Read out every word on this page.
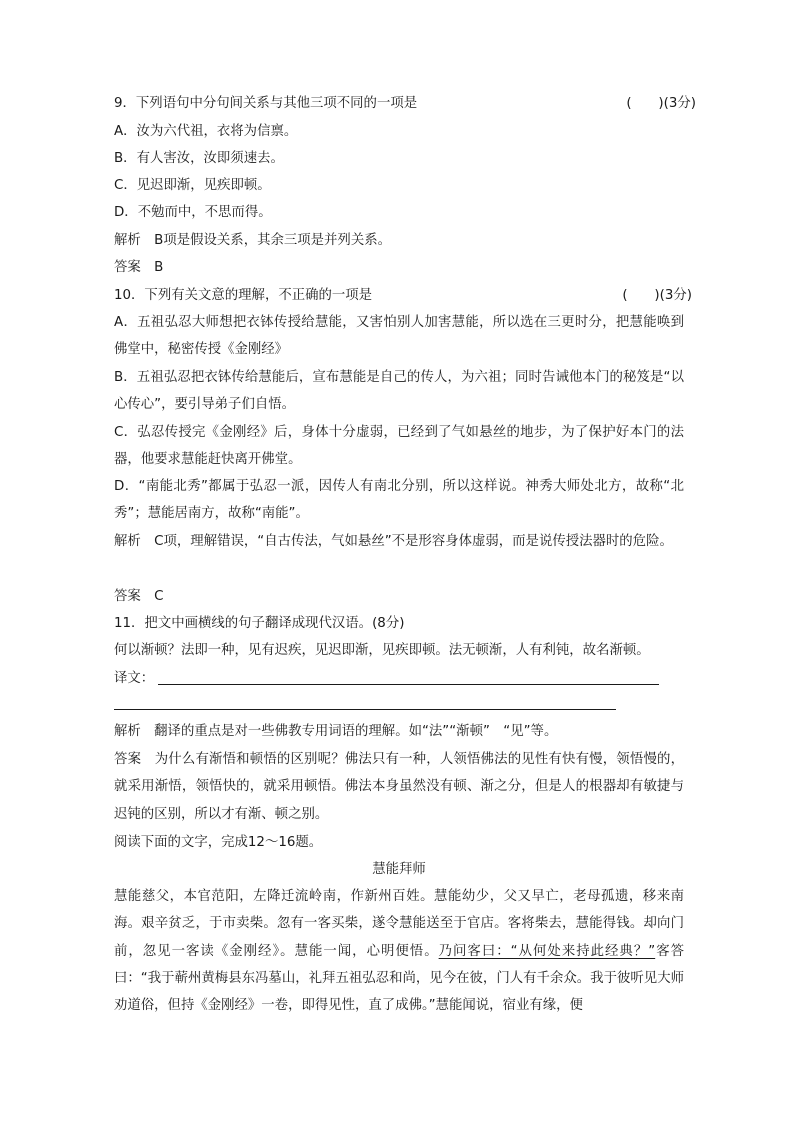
9．下列语句中分句间关系与其他三项不同的一项是	(　　)(3分)
A．汝为六代祖，衣将为信禀。
B．有人害汝，汝即须速去。
C．见迟即渐，见疾即顿。
D．不勉而中，不思而得。
解析　B项是假设关系，其余三项是并列关系。
答案　B
10．下列有关文意的理解，不正确的一项是	(　　)(3分)
A．五祖弘忍大师想把衣钵传授给慧能，又害怕别人加害慧能，所以选在三更时分，把慧能唤到佛堂中，秘密传授《金刚经》
B．五祖弘忍把衣钵传给慧能后，宣布慧能是自己的传人，为六祖；同时告诫他本门的秘笈是“以心传心”，要引导弟子们自悟。
C．弘忍传授完《金刚经》后，身体十分虚弱，已经到了气如悬丝的地步，为了保护好本门的法器，他要求慧能赶快离开佛堂。
D．“南能北秀”都属于弘忍一派，因传人有南北分别，所以这样说。神秀大师处北方，故称“北秀”；慧能居南方，故称“南能”。
解析　C项，理解错误，“自古传法，气如悬丝”不是形容身体虚弱，而是说传授法器时的危险。
答案　C
11．把文中画横线的句子翻译成现代汉语。(8分)
何以渐顿？法即一种，见有迟疾，见迟即渐，见疾即顿。法无顿渐，人有利钝，故名渐顿。
译文：
解析　翻译的重点是对一些佛教专用词语的理解。如“法”“渐顿”　“见”等。
答案　为什么有渐悟和顿悟的区别呢？佛法只有一种，人领悟佛法的见性有快有慢，领悟慢的，就采用渐悟，领悟快的，就采用顿悟。佛法本身虽然没有顿、渐之分，但是人的根器却有敏捷与迟钝的区别，所以才有渐、顿之别。
阅读下面的文字，完成12～16题。
慧能拜师
慧能慈父，本官范阳，左降迁流岭南，作新州百姓。慧能幼少，父又早亡，老母孤遗，移来南海。艰辛贫乏，于市卖柴。忽有一客买柴，遂令慧能送至于官店。客将柴去，慧能得钱。却向门前，忽见一客读《金刚经》。慧能一闻，心明便悟。乃问客曰：“从何处来持此经典？”客答曰：“我于蕲州黄梅县东冯墓山，礼拜五祖弘忍和尚，见今在彼，门人有千余众。我于彼听见大师劝道俗，但持《金刚经》一卷，即得见性，直了成佛。”慧能闻说，宿业有缘，便
